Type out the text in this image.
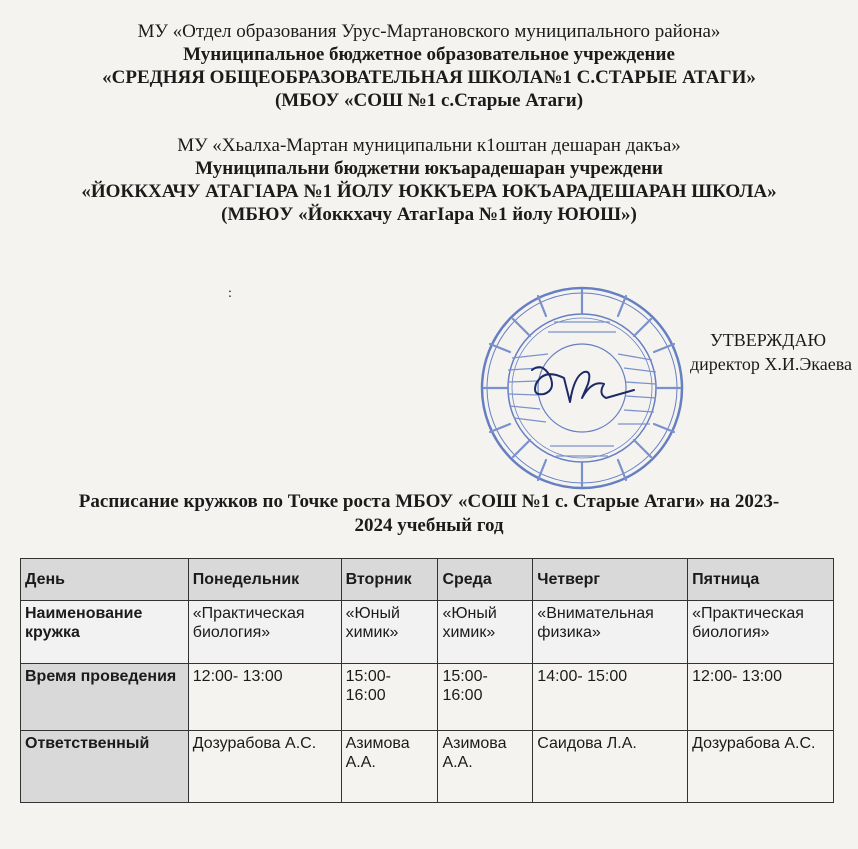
МУ «Отдел образования Урус-Мартановского муниципального района»
Муниципальное бюджетное образовательное учреждение
«СРЕДНЯЯ ОБЩЕОБРАЗОВАТЕЛЬНАЯ ШКОЛА№1 С.СТАРЫЕ АТАГИ»
(МБОУ «СОШ №1 с.Старые Атаги)
МУ «Хьалха-Мартан муниципальни к1оштан дешаран дакъа»
Муниципальни бюджетни юкъарадешаран учреждени
«ЙОККХАЧУ АТАГIАРА №1 ЙОЛУ ЮККЪЕРА ЮКЪАРАДЕШАРАН ШКОЛА»
(МБЮУ «Йоккхачу АтагIара №1 йолу ЮЮШ»)
:
УТВЕРЖДАЮ
директор Х.И.Экаева
Расписание кружков по Точке роста МБОУ «СОШ №1 с. Старые Атаги» на 2023-
2024 учебный год
День	Понедельник	Вторник	Среда	Четверг	Пятница
Наименование кружка	«Практическая биология»	«Юный химик»	«Юный химик»	«Внимательная физика»	«Практическая биология»
Время проведения	12:00- 13:00	15:00- 16:00	15:00- 16:00	14:00- 15:00	12:00- 13:00
Ответственный	Дозурабова А.С.	Азимова А.А.	Азимова А.А.	Саидова Л.А.	Дозурабова А.С.
